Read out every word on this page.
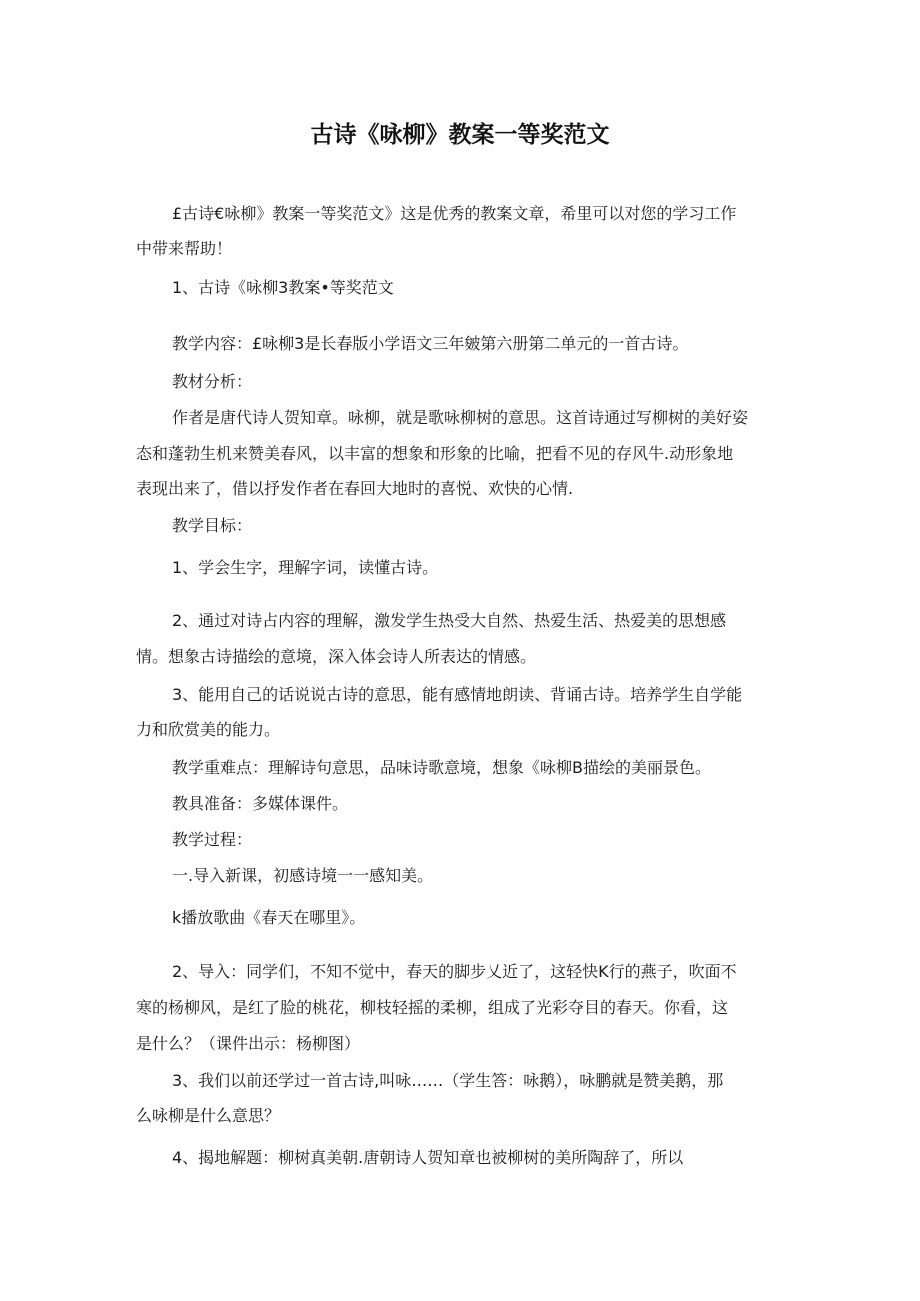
古诗《咏柳》教案一等奖范文
£古诗€咏柳》教案一等奖范文》这是优秀的教案文章，希里可以对您的学习工作
中带来帮助！
1、古诗《咏柳3教案•等奖范文
教学内容：£咏柳3是长春版小学语文三年皴第六册第二单元的一首古诗。
教材分析：
作者是唐代诗人贺知章。咏柳，就是歌咏柳树的意思。这首诗通过写柳树的美好姿
态和蓬勃生机来赞美春风，以丰富的想象和形象的比喻，把看不见的存风牛.动形象地
表现出来了，借以抒发作者在春回大地时的喜悦、欢快的心情.
教学目标：
1、学会生字，理解字词，读懂古诗。
2、通过对诗占内容的理解，激发学生热受大自然、热爱生活、热爱美的思想感
情。想象古诗描绘的意境，深入体会诗人所表达的情感。
3、能用自己的话说说古诗的意思，能有感情地朗读、背诵古诗。培养学生自学能
力和欣赏美的能力。
教学重难点：理解诗句意思，品味诗歌意境，想象《咏柳B描绘的美丽景色。
教具准备：多媒体课件。
教学过程：
一.导入新课，初感诗境一一感知美。
k播放歌曲《春天在哪里》。
2、导入：同学们，不知不觉中，春天的脚步乂近了，这轻快K行的燕子，吹面不
寒的杨柳风，是红了脸的桃花，柳枝轻摇的柔柳，组成了光彩夺目的春天。你看，这
是什么？（课件出示：杨柳图）
3、我们以前还学过一首古诗,叫咏……（学生答：咏鹅），咏鹏就是赞美鹅，那
么咏柳是什么意思？
4、揭地解题：柳树真美朝.唐朝诗人贺知章也被柳树的美所陶辞了，所以
